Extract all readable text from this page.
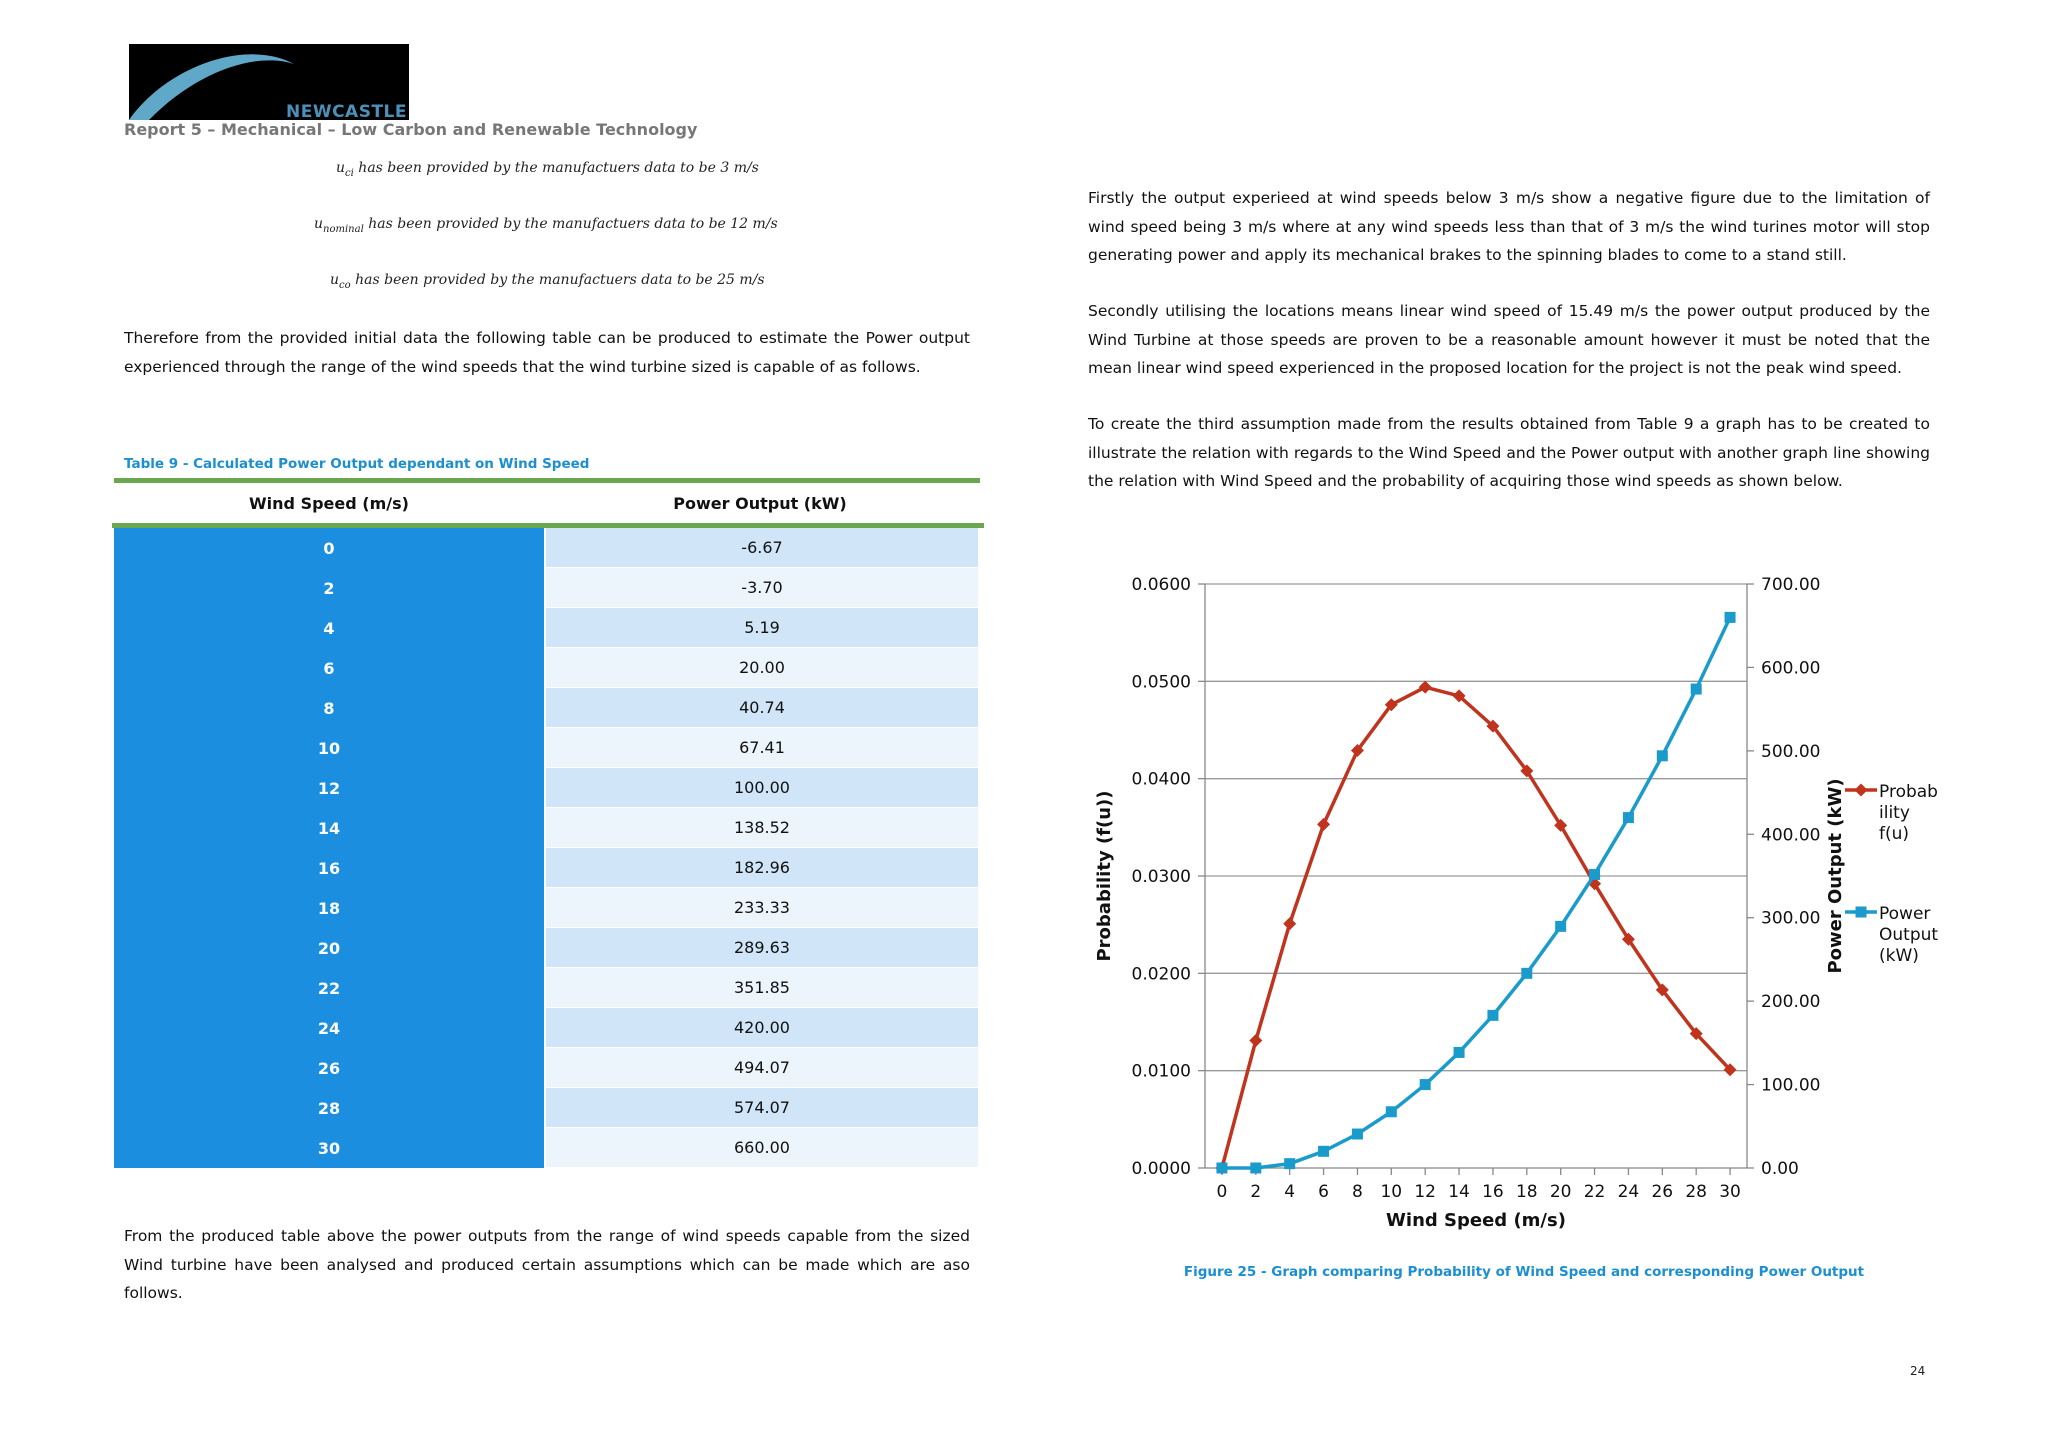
NEWCASTLE
Report 5 – Mechanical – Low Carbon and Renewable Technology
$u_{ci}$ has been provided by the manufactuers data to be 3 m/s
$u_{nominal}$ has been provided by the manufactuers data to be 12 m/s
$u_{co}$ has been provided by the manufactuers data to be 25 m/s
Therefore from the provided initial data the following table can be produced to estimate the Power output experienced through the range of the wind speeds that the wind turbine sized is capable of as follows.
Table 9 - Calculated Power Output dependant on Wind Speed
Wind Speed (m/s)	Power Output (kW)
0	-6.67
2	-3.70
4	5.19
6	20.00
8	40.74
10	67.41
12	100.00
14	138.52
16	182.96
18	233.33
20	289.63
22	351.85
24	420.00
26	494.07
28	574.07
30	660.00
From the produced table above the power outputs from the range of wind speeds capable from the sized Wind turbine have been analysed and produced certain assumptions which can be made which are aso follows.
Firstly the output experieed at wind speeds below 3 m/s show a negative figure due to the limitation of wind speed being 3 m/s where at any wind speeds less than that of 3 m/s the wind turines motor will stop generating power and apply its mechanical brakes to the spinning blades to come to a stand still.
Secondly utilising the locations means linear wind speed of 15.49 m/s the power output produced by the Wind Turbine at those speeds are proven to be a reasonable amount however it must be noted that the mean linear wind speed experienced in the proposed location for the project is not the peak wind speed.
To create the third assumption made from the results obtained from Table 9 a graph has to be created to illustrate the relation with regards to the Wind Speed and the Power output with another graph line showing the relation with Wind Speed and the probability of acquiring those wind speeds as shown below.
0.0000
0.0100
0.0200
0.0300
0.0400
0.0500
0.0600
0.00
100.00
200.00
300.00
400.00
500.00
600.00
700.00
0 2 4 6 8 10 12 14 16 18 20 22 24 26 28 30
Wind Speed (m/s)
Probability (f(u))	Power Output (kW) Probab
ility
f(u)
Power
Output
(kW)
Figure 25 - Graph comparing Probability of Wind Speed and corresponding Power Output
24
